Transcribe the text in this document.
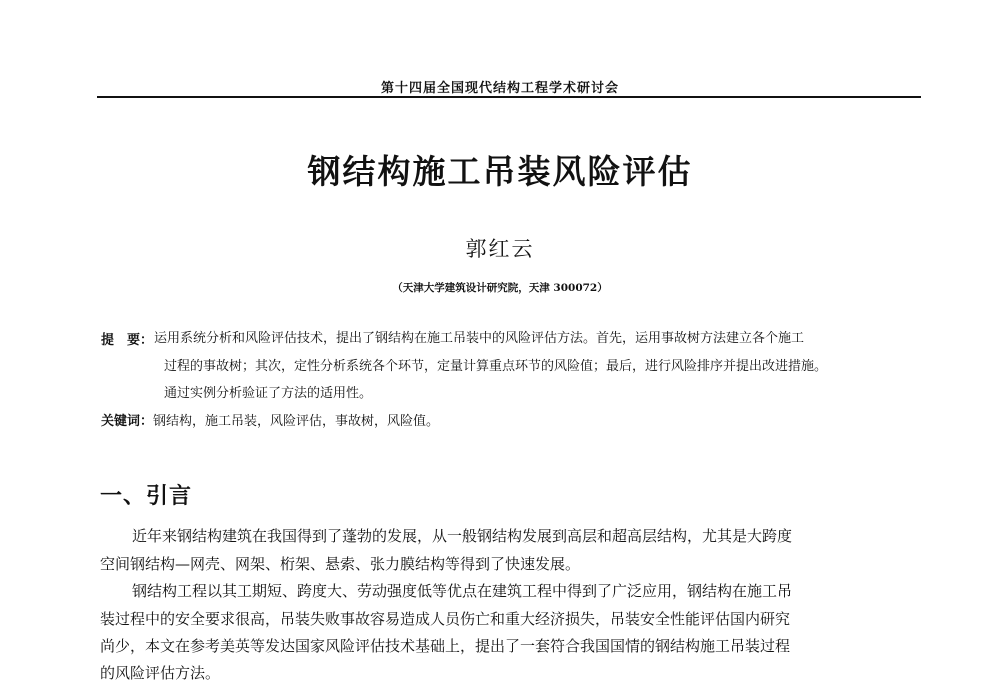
第十四届全国现代结构工程学术研讨会
钢结构施工吊装风险评估
郭红云
（天津大学建筑设计研究院，天津 300072）
提 要： 运用系统分析和风险评估技术，提出了钢结构在施工吊装中的风险评估方法。首先，运用事故树方法建立各个施工
过程的事故树；其次，定性分析系统各个环节，定量计算重点环节的风险值；最后，进行风险排序并提出改进措施。
通过实例分析验证了方法的适用性。
关键词：钢结构，施工吊装，风险评估，事故树，风险值。
一、引言
近年来钢结构建筑在我国得到了蓬勃的发展，从一般钢结构发展到高层和超高层结构，尤其是大跨度
空间钢结构—网壳、网架、桁架、悬索、张力膜结构等得到了快速发展。
钢结构工程以其工期短、跨度大、劳动强度低等优点在建筑工程中得到了广泛应用，钢结构在施工吊
装过程中的安全要求很高，吊装失败事故容易造成人员伤亡和重大经济损失，吊装安全性能评估国内研究
尚少，本文在参考美英等发达国家风险评估技术基础上，提出了一套符合我国国情的钢结构施工吊装过程
的风险评估方法。
